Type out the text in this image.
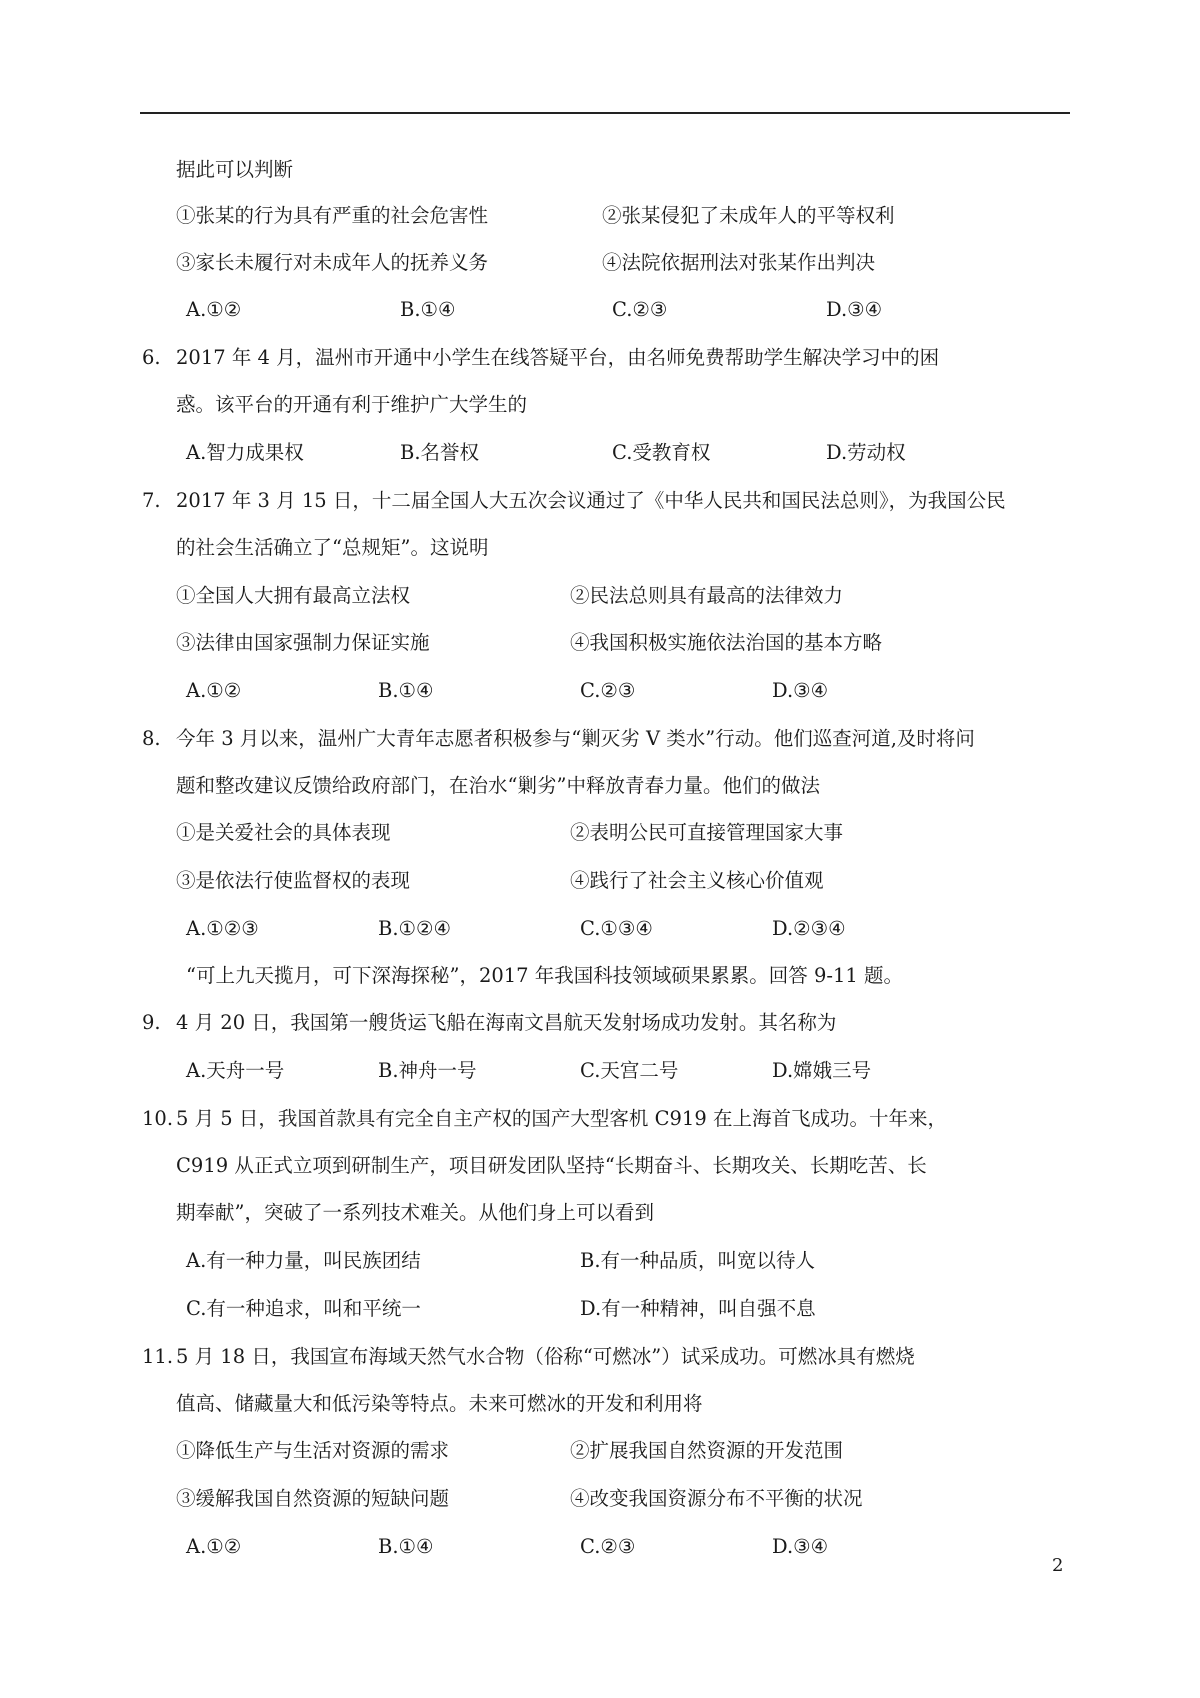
据此可以判断
①张某的行为具有严重的社会危害性	②张某侵犯了未成年人的平等权利
③家长未履行对未成年人的抚养义务	④法院依据刑法对张某作出判决
A.①②	B.①④	C.②③	D.③④
6. 2017 年 4 月，温州市开通中小学生在线答疑平台，由名师免费帮助学生解决学习中的困
惑。该平台的开通有利于维护广大学生的
A.智力成果权	B.名誉权	C.受教育权	D.劳动权
7. 2017 年 3 月 15 日，十二届全国人大五次会议通过了《中华人民共和国民法总则》，为我国公民
的社会生活确立了“总规矩”。这说明
①全国人大拥有最高立法权	②民法总则具有最高的法律效力
③法律由国家强制力保证实施	④我国积极实施依法治国的基本方略
A.①②	B.①④	C.②③	D.③④
8. 今年 3 月以来，温州广大青年志愿者积极参与“剿灭劣 V 类水”行动。他们巡查河道,及时将问
题和整改建议反馈给政府部门，在治水“剿劣”中释放青春力量。他们的做法
①是关爱社会的具体表现	②表明公民可直接管理国家大事
③是依法行使监督权的表现	④践行了社会主义核心价值观
A.①②③	B.①②④	C.①③④	D.②③④
“可上九天揽月，可下深海探秘”，2017 年我国科技领域硕果累累。回答 9-11 题。
9. 4 月 20 日，我国第一艘货运飞船在海南文昌航天发射场成功发射。其名称为
A.天舟一号	B.神舟一号	C.天宫二号	D.嫦娥三号
10. 5 月 5 日，我国首款具有完全自主产权的国产大型客机 C919 在上海首飞成功。十年来，
C919 从正式立项到研制生产，项目研发团队坚持“长期奋斗、长期攻关、长期吃苦、长
期奉献”，突破了一系列技术难关。从他们身上可以看到
A.有一种力量，叫民族团结	B.有一种品质，叫宽以待人
C.有一种追求，叫和平统一	D.有一种精神，叫自强不息
11. 5 月 18 日，我国宣布海域天然气水合物（俗称“可燃冰”）试采成功。可燃冰具有燃烧
值高、储藏量大和低污染等特点。未来可燃冰的开发和利用将
①降低生产与生活对资源的需求	②扩展我国自然资源的开发范围
③缓解我国自然资源的短缺问题	④改变我国资源分布不平衡的状况
A.①②	B.①④	C.②③	D.③④
2
